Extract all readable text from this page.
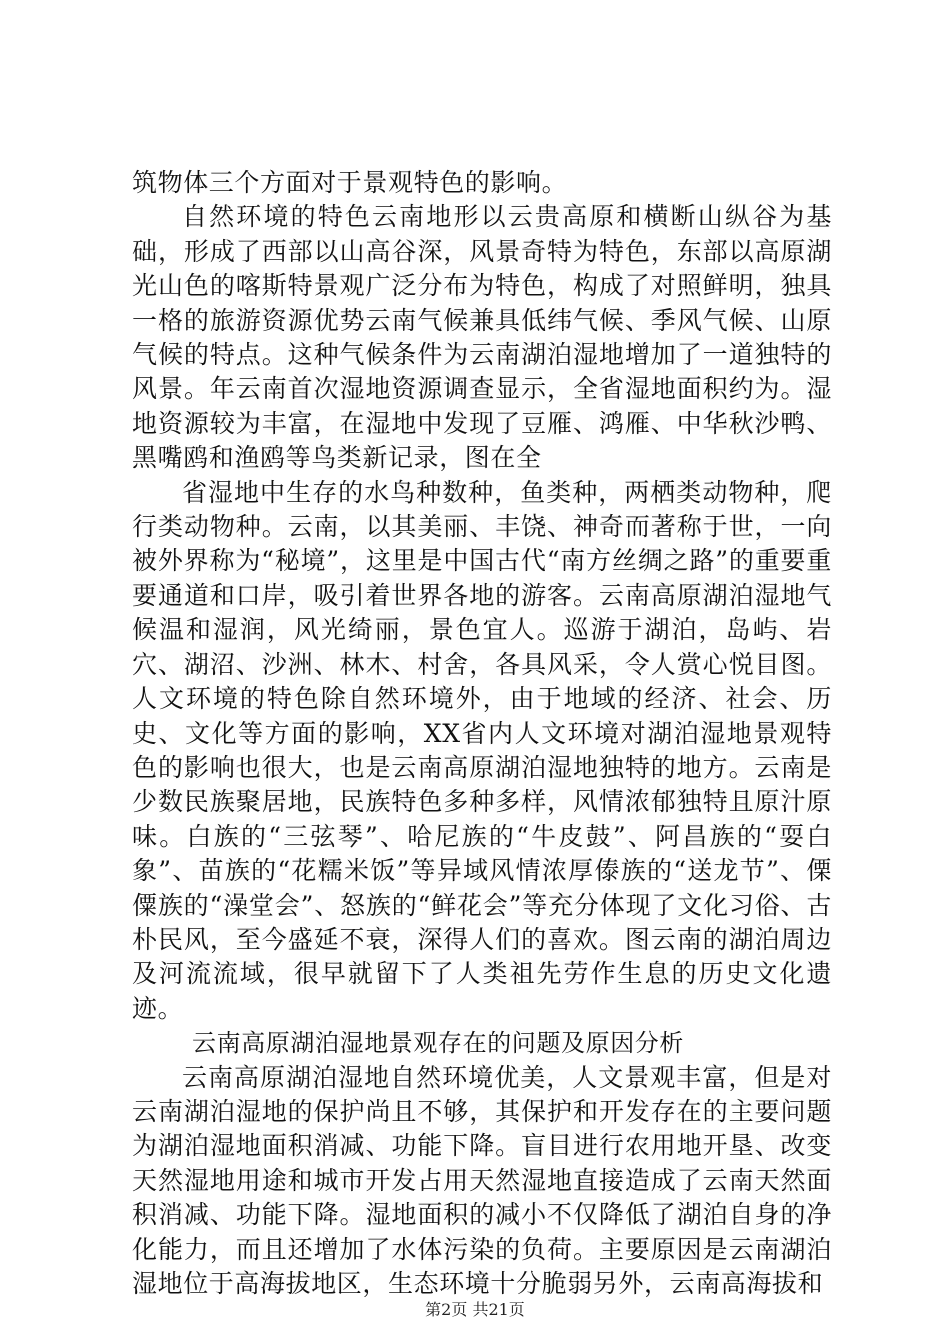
筑物体三个方面对于景观特色的影响。

自然环境的特色云南地形以云贵高原和横断山纵谷为基础，形成了西部以山高谷深，风景奇特为特色，东部以高原湖光山色的喀斯特景观广泛分布为特色，构成了对照鲜明，独具一格的旅游资源优势云南气候兼具低纬气候、季风气候、山原气候的特点。这种气候条件为云南湖泊湿地增加了一道独特的风景。年云南首次湿地资源调查显示，全省湿地面积约为。湿地资源较为丰富，在湿地中发现了豆雁、鸿雁、中华秋沙鸭、黑嘴鸥和渔鸥等鸟类新记录，图在全

省湿地中生存的水鸟种数种，鱼类种，两栖类动物种，爬行类动物种。云南，以其美丽、丰饶、神奇而著称于世，一向被外界称为“秘境”，这里是中国古代“南方丝绸之路”的重要重要通道和口岸，吸引着世界各地的游客。云南高原湖泊湿地气候温和湿润，风光绮丽，景色宜人。巡游于湖泊，岛屿、岩穴、湖沼、沙洲、林木、村舍，各具风采，令人赏心悦目图。人文环境的特色除自然环境外，由于地域的经济、社会、历史、文化等方面的影响，XX省内人文环境对湖泊湿地景观特色的影响也很大，也是云南高原湖泊湿地独特的地方。云南是少数民族聚居地，民族特色多种多样，风情浓郁独特且原汁原味。白族的“三弦琴”、哈尼族的“牛皮鼓”、阿昌族的“耍白象”、苗族的“花糯米饭”等异域风情浓厚傣族的“送龙节”、傈僳族的“澡堂会”、怒族的“鲜花会”等充分体现了文化习俗、古朴民风，至今盛延不衰，深得人们的喜欢。图云南的湖泊周边及河流流域，很早就留下了人类祖先劳作生息的历史文化遗迹。

云南高原湖泊湿地景观存在的问题及原因分析

云南高原湖泊湿地自然环境优美，人文景观丰富，但是对云南湖泊湿地的保护尚且不够，其保护和开发存在的主要问题为湖泊湿地面积消减、功能下降。盲目进行农用地开垦、改变天然湿地用途和城市开发占用天然湿地直接造成了云南天然面积消减、功能下降。湿地面积的减小不仅降低了湖泊自身的净化能力，而且还增加了水体污染的负荷。主要原因是云南湖泊湿地位于高海拔地区，生态环境十分脆弱另外，云南高海拔和

第2页 共21页
